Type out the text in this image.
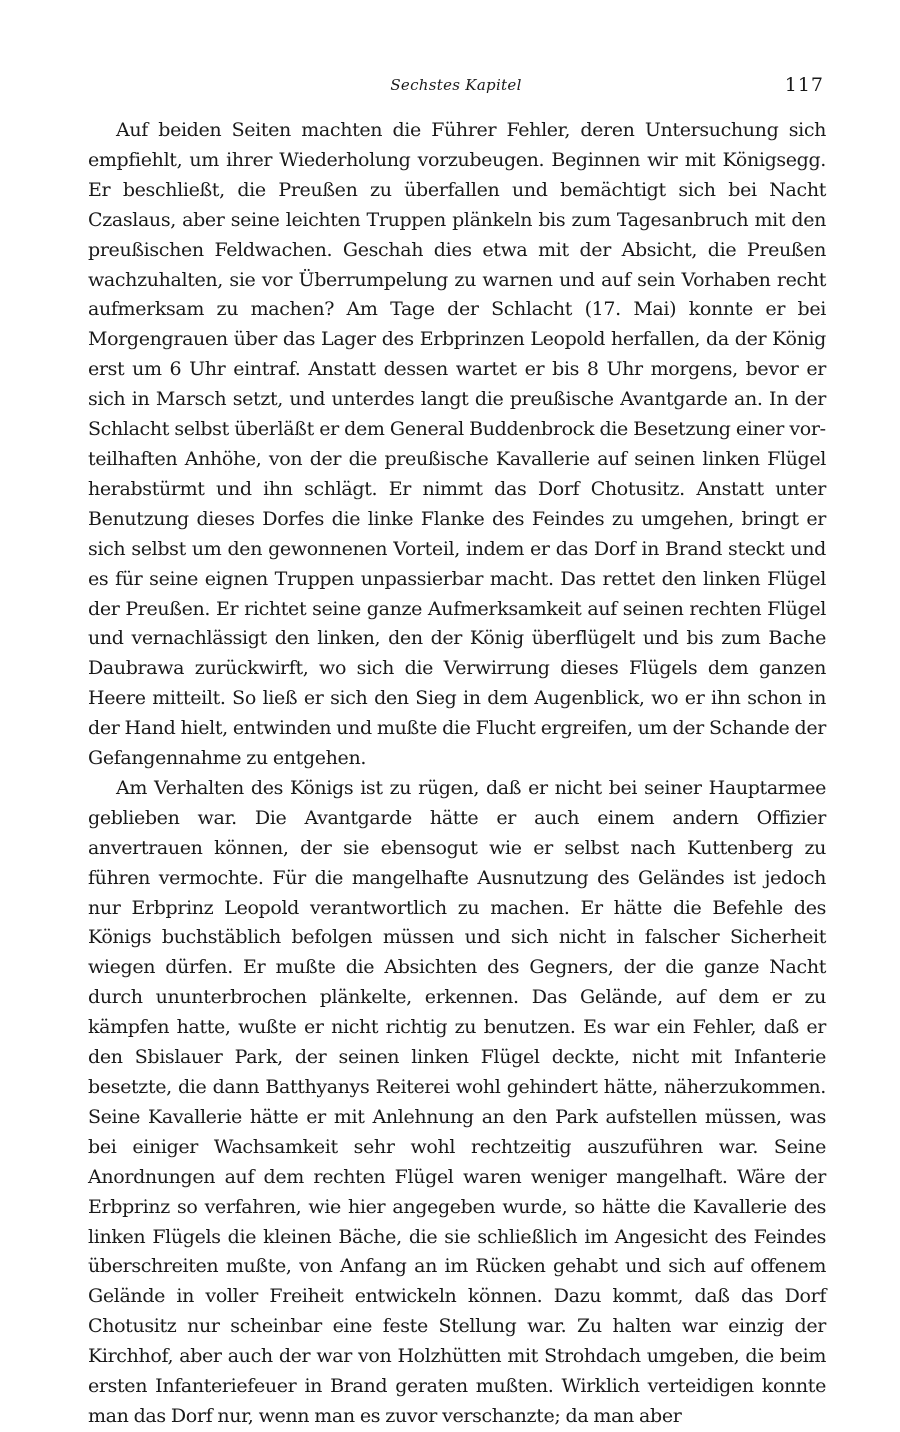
Sechstes Kapitel	117

Auf beiden Seiten machten die Führer Fehler, deren Untersuchung sich empfiehlt, um ihrer Wiederholung vorzubeugen. Beginnen wir mit Königsegg. Er beschließt, die Preußen zu überfallen und bemächtigt sich bei Nacht Czaslaus, aber seine leichten Truppen plänkeln bis zum Tagesanbruch mit den preußischen Feldwachen. Geschah dies etwa mit der Absicht, die Preußen wachzuhalten, sie vor Überrumpelung zu warnen und auf sein Vorhaben recht aufmerksam zu machen? Am Tage der Schlacht (17. Mai) konnte er bei Morgengrauen über das Lager des Erbprinzen Leopold herfallen, da der König erst um 6 Uhr eintraf. Anstatt dessen wartet er bis 8 Uhr morgens, bevor er sich in Marsch setzt, und unterdes langt die preußische Avantgarde an. In der Schlacht selbst überläßt er dem General Buddenbrock die Besetzung einer vorteilhaften Anhöhe, von der die preußische Kavallerie auf seinen linken Flügel herabstürmt und ihn schlägt. Er nimmt das Dorf Chotusitz. Anstatt unter Benutzung dieses Dorfes die linke Flanke des Feindes zu umgehen, bringt er sich selbst um den gewonnenen Vorteil, indem er das Dorf in Brand steckt und es für seine eignen Truppen unpassierbar macht. Das rettet den linken Flügel der Preußen. Er richtet seine ganze Aufmerksamkeit auf seinen rechten Flügel und vernachlässigt den linken, den der König überflügelt und bis zum Bache Daubrawa zurückwirft, wo sich die Verwirrung dieses Flügels dem ganzen Heere mitteilt. So ließ er sich den Sieg in dem Augenblick, wo er ihn schon in der Hand hielt, entwinden und mußte die Flucht ergreifen, um der Schande der Gefangennahme zu entgehen.

Am Verhalten des Königs ist zu rügen, daß er nicht bei seiner Hauptarmee geblieben war. Die Avantgarde hätte er auch einem andern Offizier anvertrauen können, der sie ebensogut wie er selbst nach Kuttenberg zu führen vermochte. Für die mangelhafte Ausnutzung des Geländes ist jedoch nur Erbprinz Leopold verantwortlich zu machen. Er hätte die Befehle des Königs buchstäblich befolgen müssen und sich nicht in falscher Sicherheit wiegen dürfen. Er mußte die Absichten des Gegners, der die ganze Nacht durch ununterbrochen plänkelte, erkennen. Das Gelände, auf dem er zu kämpfen hatte, wußte er nicht richtig zu benutzen. Es war ein Fehler, daß er den Sbislauer Park, der seinen linken Flügel deckte, nicht mit Infanterie besetzte, die dann Batthyanys Reiterei wohl gehindert hätte, näherzukommen. Seine Kavallerie hätte er mit Anlehnung an den Park aufstellen müssen, was bei einiger Wachsamkeit sehr wohl rechtzeitig auszuführen war. Seine Anordnungen auf dem rechten Flügel waren weniger mangelhaft. Wäre der Erbprinz so verfahren, wie hier angegeben wurde, so hätte die Kavallerie des linken Flügels die kleinen Bäche, die sie schließlich im Angesicht des Feindes überschreiten mußte, von Anfang an im Rücken gehabt und sich auf offenem Gelände in voller Freiheit entwickeln können. Dazu kommt, daß das Dorf Chotusitz nur scheinbar eine feste Stellung war. Zu halten war einzig der Kirchhof, aber auch der war von Holzhütten mit Strohdach umgeben, die beim ersten Infanteriefeuer in Brand geraten mußten. Wirklich verteidigen konnte man das Dorf nur, wenn man es zuvor verschanzte; da man aber
